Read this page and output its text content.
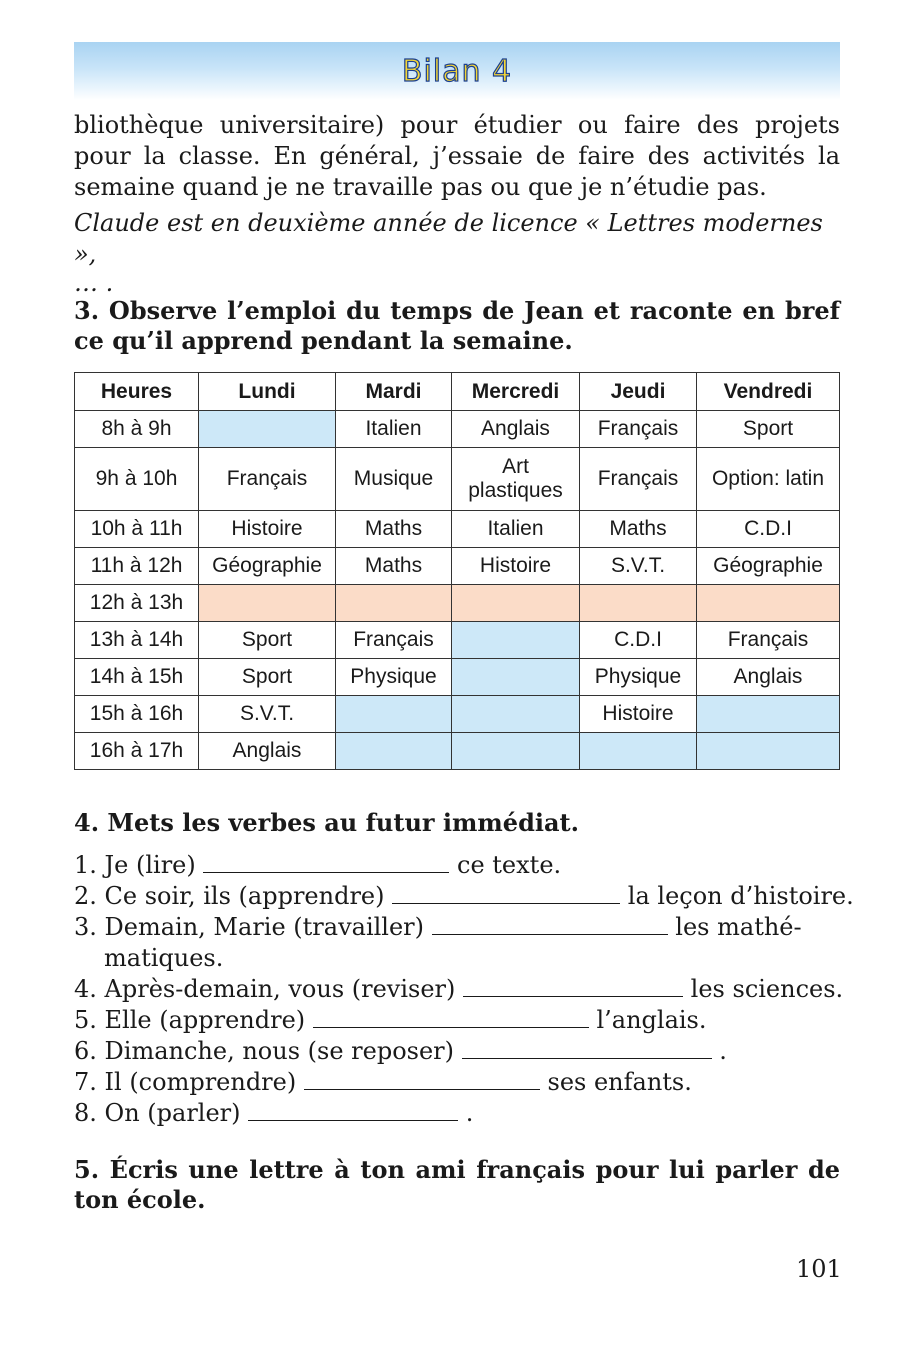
Bilan 4
bliothèque universitaire) pour étudier ou faire des projets
pour la classe. En général, j’essaie de faire des activités la
semaine quand je ne travaille pas ou que je n’étudie pas.
Claude est en deuxième année de licence « Lettres modernes »,
… .
3. Observe l’emploi du temps de Jean et raconte en bref
ce qu’il apprend pendant la semaine.
Heures	Lundi	Mardi	Mercredi	Jeudi	Vendredi
8h à 9h		Italien	Anglais	Français	Sport
9h à 10h	Français	Musique	Art plastiques	Français	Option: latin
10h à 11h	Histoire	Maths	Italien	Maths	C.D.I
11h à 12h	Géographie	Maths	Histoire	S.V.T.	Géographie
12h à 13h					
13h à 14h	Sport	Français		C.D.I	Français
14h à 15h	Sport	Physique		Physique	Anglais
15h à 16h	S.V.T.			Histoire	
16h à 17h	Anglais				
4. Mets les verbes au futur immédiat.
1. Je (lire)	ce texte.
2. Ce soir, ils (apprendre)	la leçon d’histoire.
3. Demain, Marie (travailler)	les mathé-
matiques.
4. Après-demain, vous (reviser)	les sciences.
5. Elle (apprendre)	l’anglais.
6. Dimanche, nous (se reposer)	.
7. Il (comprendre)	ses enfants.
8. On (parler)	.
5. Écris une lettre à ton ami français pour lui parler de
ton école.
101
